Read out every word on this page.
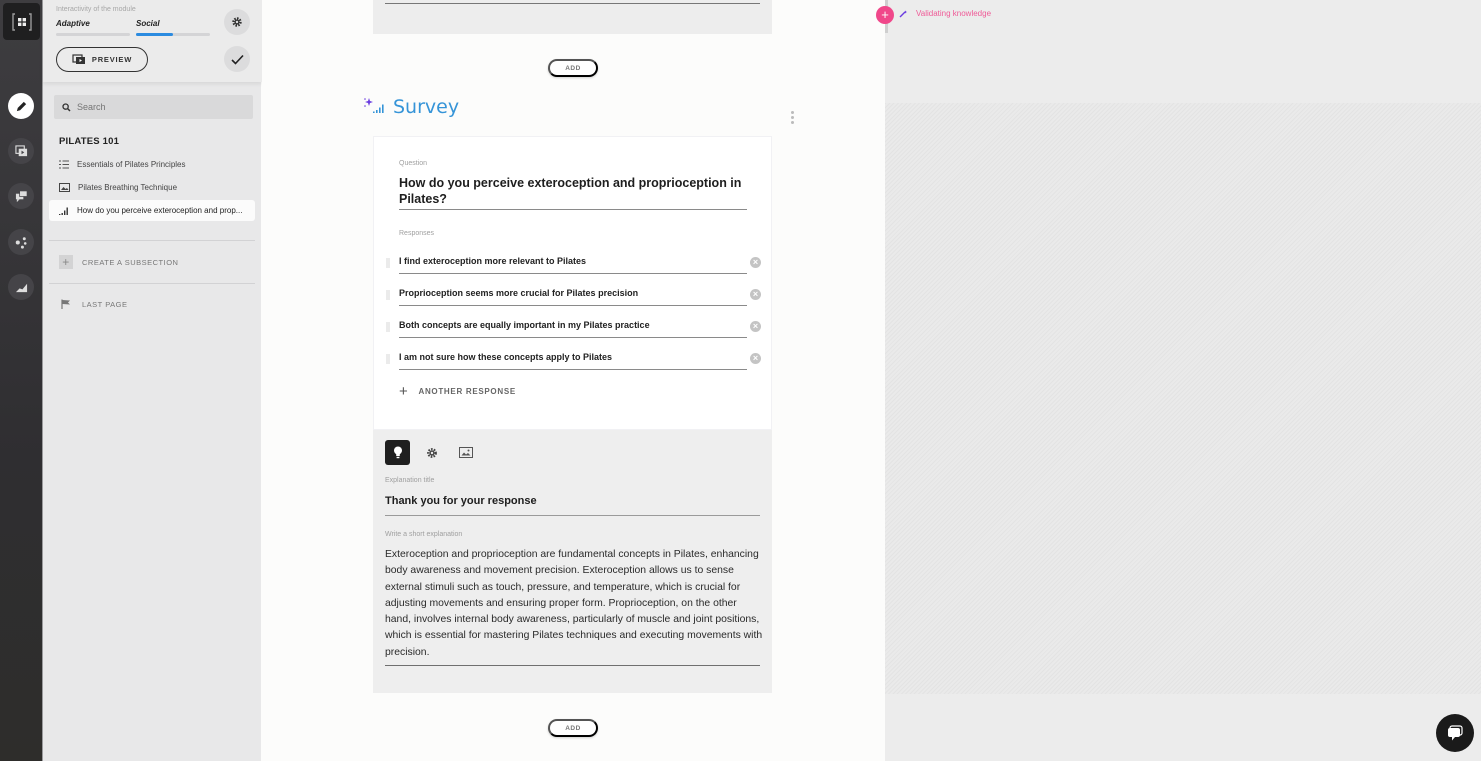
Interactivity of the module
Adaptive	Social
PREVIEW
Search
PILATES 101
Essentials of Pilates Principles
Pilates Breathing Technique
How do you perceive exteroception and prop...
+	CREATE A SUBSECTION
LAST PAGE
ADD
Survey
Question
How do you perceive exteroception and proprioception in Pilates?
Responses
I find exteroception more relevant to Pilates	×
Proprioception seems more crucial for Pilates precision	×
Both concepts are equally important in my Pilates practice	×
I am not sure how these concepts apply to Pilates	×
+ ANOTHER RESPONSE
Explanation title
Thank you for your response
Write a short explanation
Exteroception and proprioception are fundamental concepts in Pilates, enhancing body awareness and movement precision. Exteroception allows us to sense external stimuli such as touch, pressure, and temperature, which is crucial for adjusting movements and ensuring proper form. Proprioception, on the other hand, involves internal body awareness, particularly of muscle and joint positions, which is essential for mastering Pilates techniques and executing movements with precision.
ADD
+	Validating knowledge
